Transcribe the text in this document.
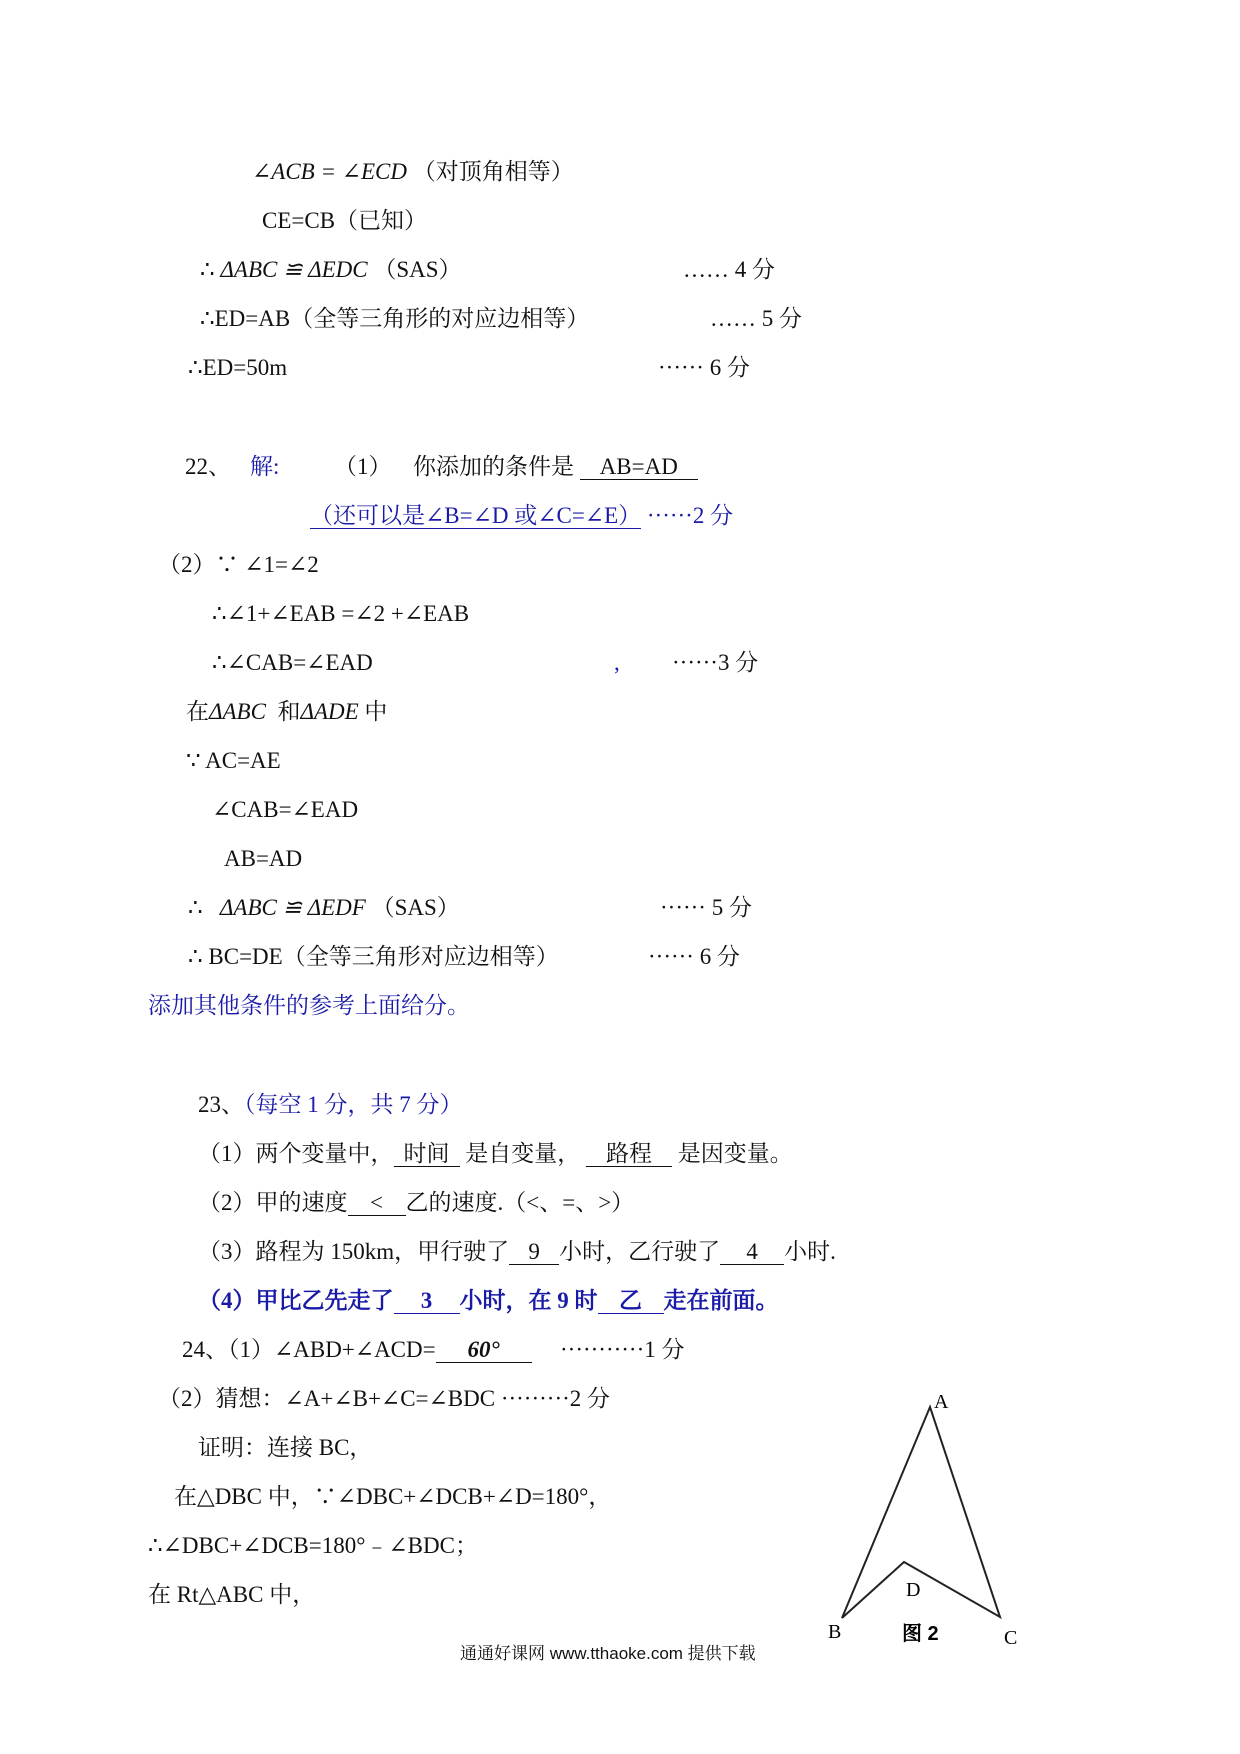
∠ACB = ∠ECD （对顶角相等）
CE=CB（已知）
∴ ΔABC ≌ ΔEDC （SAS）	…… 4 分
∴ED=AB（全等三角形的对应边相等）	…… 5 分
∴ED=50m	······ 6 分
22、 解: （1） 你添加的条件是 AB=AD
（还可以是∠B=∠D 或∠C=∠E） ······2 分
（2）∵ ∠1=∠2
∴∠1+∠EAB =∠2 +∠EAB
∴∠CAB=∠EAD	, ······3 分
在ΔABC 和ΔADE 中
∵ AC=AE
∠CAB=∠EAD
AB=AD
∴ ΔABC ≌ ΔEDF （SAS）	······ 5 分
∴ BC=DE（全等三角形对应边相等）	······ 6 分
添加其他条件的参考上面给分。
23、（每空 1 分，共 7 分）
（1）两个变量中， 时间 是自变量， 路程 是因变量。
（2）甲的速度 < 乙的速度.（<、=、>）
（3）路程为 150km，甲行驶了 9 小时，乙行驶了 4 小时.
（4）甲比乙先走了 3 小时，在 9 时 乙 走在前面。
24、（1）∠ABD+∠ACD= 60°	···········1 分
（2）猜想：∠A+∠B+∠C=∠BDC ·········2 分
证明：连接 BC，
在△DBC 中，∵∠DBC+∠DCB+∠D=180°，
∴∠DBC+∠DCB=180°﹣∠BDC；
在 Rt△ABC 中，
A
B	C
D
图 2
通通好课网 www.tthaoke.com 提供下载
